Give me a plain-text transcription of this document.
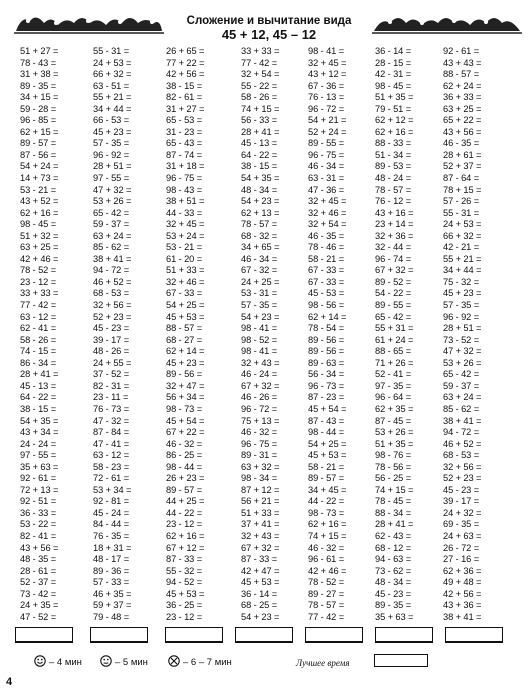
Сложение и вычитание вида
45 + 12, 45 – 12
51 + 27 =
78 - 43 =
31 + 38 =
89 - 35 =
34 + 15 =
59 - 28 =
96 - 85 =
62 + 15 =
89 - 57 =
87 - 56 =
54 + 24 =
14 + 73 =
53 - 21 =
43 + 52 =
62 + 16 =
98 - 45 =
51 + 32 =
63 + 25 =
42 + 46 =
78 - 52 =
23 - 12 =
33 + 33 =
77 - 42 =
63 - 12 =
62 - 41 =
58 - 26 =
74 - 15 =
86 - 34 =
28 + 41 =
45 - 13 =
64 - 22 =
38 - 15 =
54 + 35 =
43 + 34 =
24 - 24 =
97 - 55 =
35 + 63 =
92 - 61 =
72 + 13 =
92 - 51 =
36 - 33 =
53 - 22 =
82 - 41 =
43 + 56 =
48 - 35 =
28 - 61 =
52 - 37 =
73 - 42 =
24 + 35 =
47 - 52 =
55 - 31 =
24 + 53 =
66 + 32 =
63 - 51 =
55 + 21 =
34 + 44 =
66 - 53 =
45 + 23 =
57 - 35 =
96 - 92 =
28 + 51 =
97 - 55 =
47 + 32 =
53 + 26 =
65 - 42 =
59 - 37 =
63 + 24 =
85 - 62 =
38 + 41 =
94 - 72 =
46 + 52 =
68 - 53 =
32 + 56 =
52 + 23 =
45 - 23 =
39 - 17 =
48 - 26 =
24 + 55 =
37 - 52 =
82 - 31 =
23 - 11 =
76 - 73 =
47 - 32 =
87 - 84 =
47 - 41 =
63 - 12 =
58 - 23 =
72 - 61 =
53 + 34 =
92 - 81 =
45 - 24 =
84 - 44 =
76 - 35 =
18 + 31 =
48 - 17 =
89 - 36 =
57 - 33 =
46 + 35 =
59 + 37 =
79 - 48 =
26 + 65 =
77 + 22 =
42 + 56 =
38 - 15 =
82 - 61 =
31 + 27 =
65 - 53 =
31 - 23 =
65 - 43 =
87 - 74 =
31 + 18 =
96 - 75 =
98 - 43 =
38 + 51 =
44 - 33 =
32 + 45 =
53 + 24 =
53 - 21 =
61 - 20 =
51 + 33 =
32 + 46 =
67 - 33 =
54 + 25 =
45 + 53 =
88 - 57 =
68 - 27 =
62 + 14 =
45 + 23 =
89 - 56 =
32 + 47 =
56 + 34 =
98 - 73 =
45 + 54 =
67 + 22 =
46 - 32 =
86 - 25 =
98 - 44 =
26 + 23 =
89 - 57 =
44 + 25 =
44 - 22 =
23 - 12 =
62 + 16 =
67 + 12 =
87 - 33 =
55 - 32 =
94 - 52 =
45 + 53 =
36 - 25 =
23 - 12 =
33 + 33 =
77 - 42 =
32 + 54 =
55 - 22 =
58 - 26 =
74 + 15 =
56 - 33 =
28 + 41 =
45 - 13 =
64 - 22 =
38 - 15 =
54 + 35 =
48 - 34 =
54 + 23 =
62 + 13 =
78 - 57 =
68 - 32 =
34 + 65 =
46 - 34 =
67 - 32 =
24 + 25 =
53 - 31 =
57 - 35 =
54 + 23 =
98 - 41 =
98 - 52 =
98 - 41 =
32 + 43 =
46 - 24 =
67 + 32 =
46 - 26 =
96 - 72 =
75 + 13 =
46 - 32 =
96 - 75 =
89 - 31 =
63 + 32 =
98 - 34 =
87 + 12 =
56 + 21 =
51 + 33 =
37 + 41 =
32 + 43 =
67 + 32 =
87 - 33 =
42 + 47 =
45 + 53 =
36 - 14 =
68 - 25 =
54 + 23 =
98 - 41 =
32 + 45 =
43 + 12 =
67 - 36 =
76 - 13 =
96 - 72 =
54 + 21 =
52 + 24 =
89 - 55 =
96 - 75 =
46 - 34 =
63 - 31 =
47 - 36 =
32 + 45 =
32 + 46 =
32 + 54 =
46 - 35 =
78 - 46 =
58 - 21 =
67 - 33 =
67 - 33 =
45 - 53 =
98 - 56 =
62 + 14 =
78 - 54 =
89 - 56 =
89 - 56 =
89 - 63 =
56 - 34 =
96 - 73 =
87 - 23 =
45 + 54 =
87 - 43 =
98 - 44 =
54 + 25 =
45 + 53 =
58 - 21 =
89 - 57 =
34 + 45 =
44 - 22 =
98 - 73 =
62 + 16 =
74 + 15 =
46 - 32 =
96 - 61 =
42 + 46 =
78 - 52 =
89 - 27 =
78 - 57 =
77 - 42 =
36 - 14 =
28 - 15 =
42 - 31 =
98 - 45 =
51 + 35 =
79 - 51 =
62 + 12 =
62 + 16 =
88 - 33 =
51 - 34 =
89 - 53 =
48 - 24 =
78 - 57 =
76 - 12 =
43 + 16 =
23 + 14 =
32 + 36 =
32 - 44 =
96 - 74 =
67 + 32 =
89 - 52 =
54 - 22 =
89 - 55 =
65 - 42 =
55 + 31 =
61 + 24 =
88 - 65 =
71 + 26 =
52 - 41 =
97 - 35 =
96 - 64 =
62 + 35 =
87 - 45 =
53 + 26 =
51 + 35 =
98 - 76 =
78 - 56 =
56 - 25 =
74 + 15 =
78 - 45 =
88 - 34 =
28 + 41 =
62 - 43 =
68 - 12 =
94 - 63 =
73 - 62 =
48 - 34 =
45 - 23 =
89 - 35 =
35 + 63 =
92 - 61 =
43 + 43 =
88 - 57 =
62 + 24 =
36 + 33 =
63 + 25 =
65 + 22 =
43 + 56 =
46 - 35 =
28 + 61 =
52 + 37 =
87 - 64 =
78 + 15 =
57 - 26 =
55 - 31 =
24 + 53 =
66 + 32 =
42 - 21 =
55 + 21 =
34 + 44 =
75 - 32 =
45 + 23 =
57 - 35 =
96 - 92 =
28 + 51 =
73 - 52 =
47 + 32 =
53 + 26 =
65 - 42 =
59 - 37 =
63 + 24 =
85 - 62 =
38 + 41 =
94 - 72 =
46 + 52 =
68 - 53 =
32 + 56 =
52 + 23 =
45 - 23 =
39 - 17 =
24 + 32 =
69 - 35 =
24 + 63 =
26 - 72 =
27 - 16 =
62 + 36 =
49 + 48 =
42 + 56 =
43 + 36 =
38 + 41 =
– 4 мин	– 5 мин	– 6 – 7 мин	Лучшее время
4
